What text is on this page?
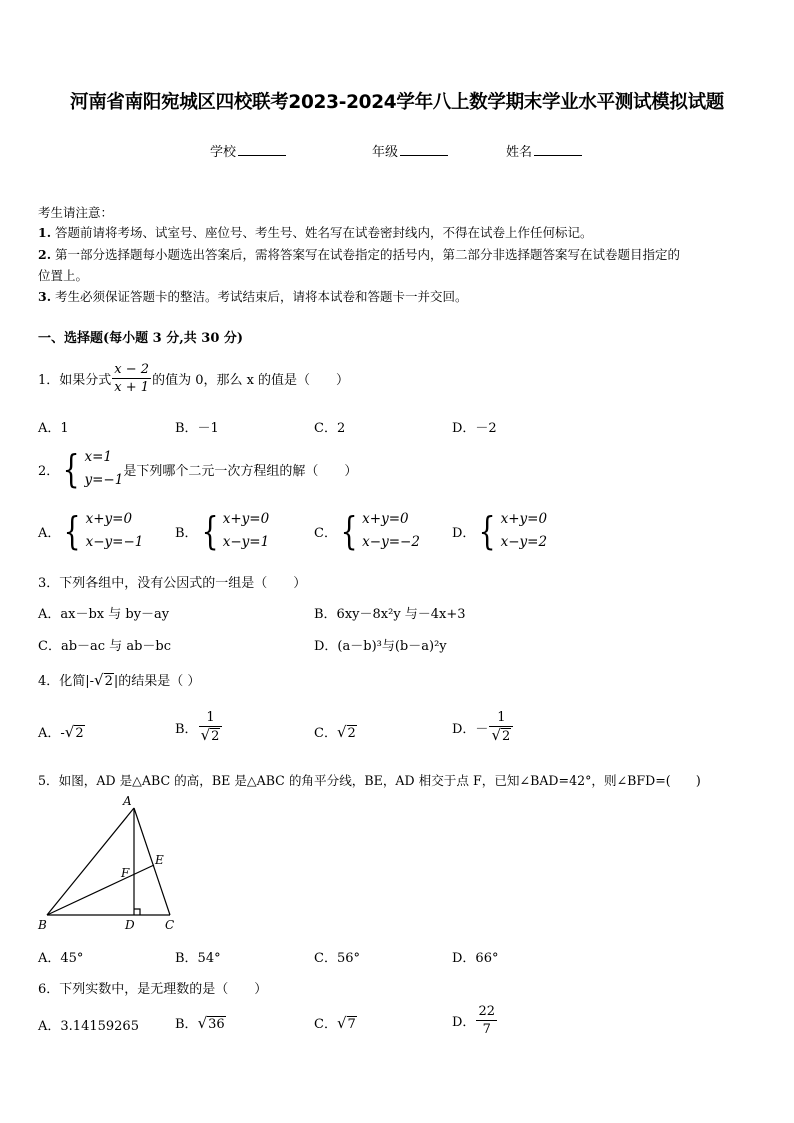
河南省南阳宛城区四校联考2023-2024学年八上数学期末学业水平测试模拟试题
学校	年级	姓名
考生请注意：
1. 答题前请将考场、试室号、座位号、考生号、姓名写在试卷密封线内，不得在试卷上作任何标记。
2. 第一部分选择题每小题选出答案后，需将答案写在试卷指定的括号内，第二部分非选择题答案写在试卷题目指定的
位置上。
3. 考生必须保证答题卡的整洁。考试结束后，请将本试卷和答题卡一并交回。
一、选择题(每小题 3 分,共 30 分)
1． 如果分式 $\frac{x - 2}{x + 1}$ 的值为 0，那么 x 的值是（　　）
A．1	B．－1	C．2	D．－2
2． { x=1
y=−1
是下列哪个二元一次方程组的解（　　）
A． { x+y=0
x−y=−1
B． { x+y=0
x−y=1
C． { x+y=0
x−y=−2
D． { x+y=0
x−y=2
3．下列各组中，没有公因式的一组是（　　）
A．ax－bx 与 by－ay	B．6xy－8x²y 与－4x+3
C．ab－ac 与 ab－bc	D．(a－b)³与(b－a)²y
4．化简|-√2|的结果是（ ）
A．-√2	B． $\frac{1}{√2}$	C．√2	D．－ $\frac{1}{√2}$
5．如图，AD 是△ABC 的高，BE 是△ABC 的角平分线，BE，AD 相交于点 F，已知∠BAD=42°，则∠BFD=(　　)
A
B	C
D
E
F
A．45°	B．54°	C．56°	D．66°
6．下列实数中，是无理数的是（　　）
A．3.14159265	B．√36	C．√7	D． $\frac{22}{7}$
